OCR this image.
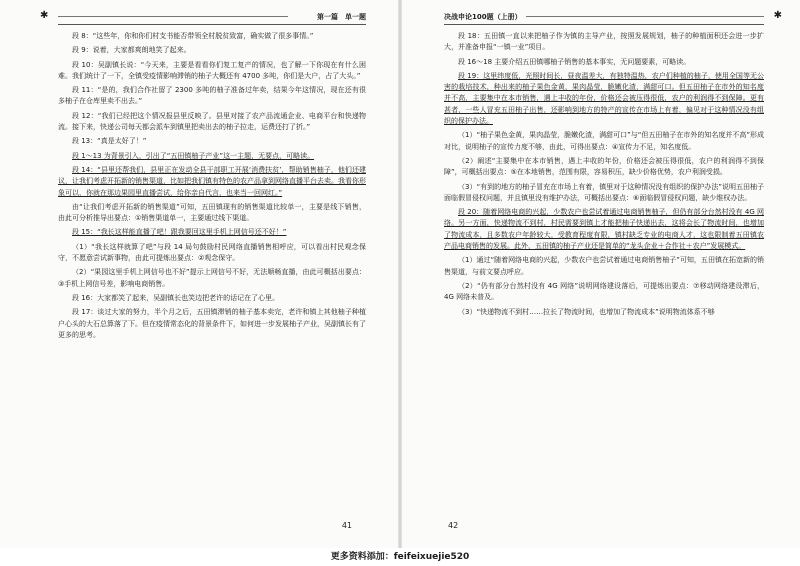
✱	第一篇　单一题

段 8：“这些年，你和你们村支书能否带领全村脱贫致富，确实做了很多事情。”

段 9：说着，大家都爽朗地笑了起来。

段 10：吴副镇长说：“今天来，主要是看看你们复工复产的情况，也了解一下你现在有什么困难。我们统计了一下，全镇受疫情影响滞销的柚子大概还有 4700 多吨，你们是大户，占了大头。”

段 11：“是的，我们合作社留了 2300 多吨的柚子准备过年卖，结果今年这情况，现在还有很多柚子在仓库里卖不出去。”

段 12：“我们已经把这个情况报县里反映了。县里对接了农产品流通企业、电商平台和快递物流。接下来，快递公司每天都会派车到镇里把卖出去的柚子拉走，运费还打了折。”

段 13：“真是太好了！”

段 1～13 为背景引入，引出了“五田镇柚子产业”这一主题，无要点，可略读。

段 14：“县里还帮我们，县里正在发动全县干部职工开展‘消费扶贫’，帮助销售柚子，他们还建议，让我们考虑开拓新的销售渠道，比如把我们镇有特色的农产品拿到网络直播平台去卖。我看你形象可以，你就在那边果园里直播尝试，给你亲自代言，也来当一回网红。”

由“让我们考虑开拓新的销售渠道”可知，五田镇现有的销售渠道比较单一，主要是线下销售，由此可分析推导出要点：①销售渠道单一，主要通过线下渠道。

段 15：“我长这样能直播了吧！跟我要回这里手机上网信号还不好！”

（1）“我长这样就算了吧”与段 14 局句鼓励村民网络直播销售相呼应，可以看出村民观念保守，不愿意尝试新事物，由此可提炼出要点：②观念保守。

（2）“果园这里手机上网信号也不好”提示上网信号不好，无法顺畅直播，由此可概括出要点：③手机上网信号差，影响电商销售。

段 16：大家都笑了起来，吴副镇长也笑边把老许的话记在了心里。

段 17：谈过大家的努力，半个月之后，五田镇滞销的柚子基本卖完，老许和镇上其他柚子种植户心头的大石总算落了下。但在疫情常态化的背景条件下，如何进一步发展柚子产业，吴副镇长有了更多的思考。

41
决战申论100题（上册）	✱

段 18：五田镇一直以来把柚子作为镇的主导产业，按照发展规划，柚子的种植面积还会进一步扩大，并准备申报“一镇一业”项目。

段 16～18 主要介绍五田镇哪柚子销售的基本事实，无问题要素，可略读。

段 19：这里纬度低，光照时间长，昼夜温差大，有独特温热，农户们种植的柚子，使用全国等无公害的栽培技术，种出来的柚子果色金黄，果肉晶莹，脆嫩化渣，满甜可口。但五田柚子在市外的知名度并不高，主要集中在本市销售，遇上丰收的年份，价格还会被压得很低，农户的利润得不到保障。更有甚者，一些人冒充五田柚子出售，还影响到地方的特产的宣传在市场上有着，偏见对于这种情况没有组织的保护办法。

（1）“柚子果色金黄，果肉晶莹，脆嫩化渣，满甜可口”与“但五田柚子在市外的知名度并不高”形成对比，说明柚子的宣传力度不够，由此，可得出要点：④宣传力不足，知名度低。

（2）阐述“主要集中在本市销售，遇上丰收的年份，价格还会被压得很低，农户的利润得不到保障”，可概括出要点：⑤在本地销售，范围有限，容易积压，缺少价格优势，农户利润受损。

（3）“有到的地方的柚子冒充在市场上有着，镇里对于这种情况没有组织的保护办法”说明五田柚子面临假冒侵权问题，并且镇里没有维护办法，可概括出要点：⑥面临假冒侵权问题，缺少维权办法。

段 20：随着网络电商的兴起，少数农户也尝试着通过电商销售柚子，但仍有部分台然村没有 4G 网络。另一方面，快递物流不到村，村民需要到镇上才能把柚子快递出去，这将会长了物流时间，也增加了物流成本，且多数农户年龄较大，受教育程度有限，镇村缺乏专业的电商人才，这也限制着五田镇农产品电商销售的发展。此外，五田镇的柚子产业还是简单的“龙头企业＋合作社＋农户”发展模式。

（1）通过“随着网络电商的兴起，少数农户也尝试着通过电商销售柚子”可知，五田镇在拓宽新的销售渠道，与前文要点呼应。

（2）“仍有部分台然村没有 4G 网络”说明网络建设落后，可提炼出要点：⑦移动网络建设滞后，4G 网络未普及。

（3）“快递物流不到村……拉长了物流时间，也增加了物流成本”说明物流体系不够

42
更多资料添加：feifeixuejie520
